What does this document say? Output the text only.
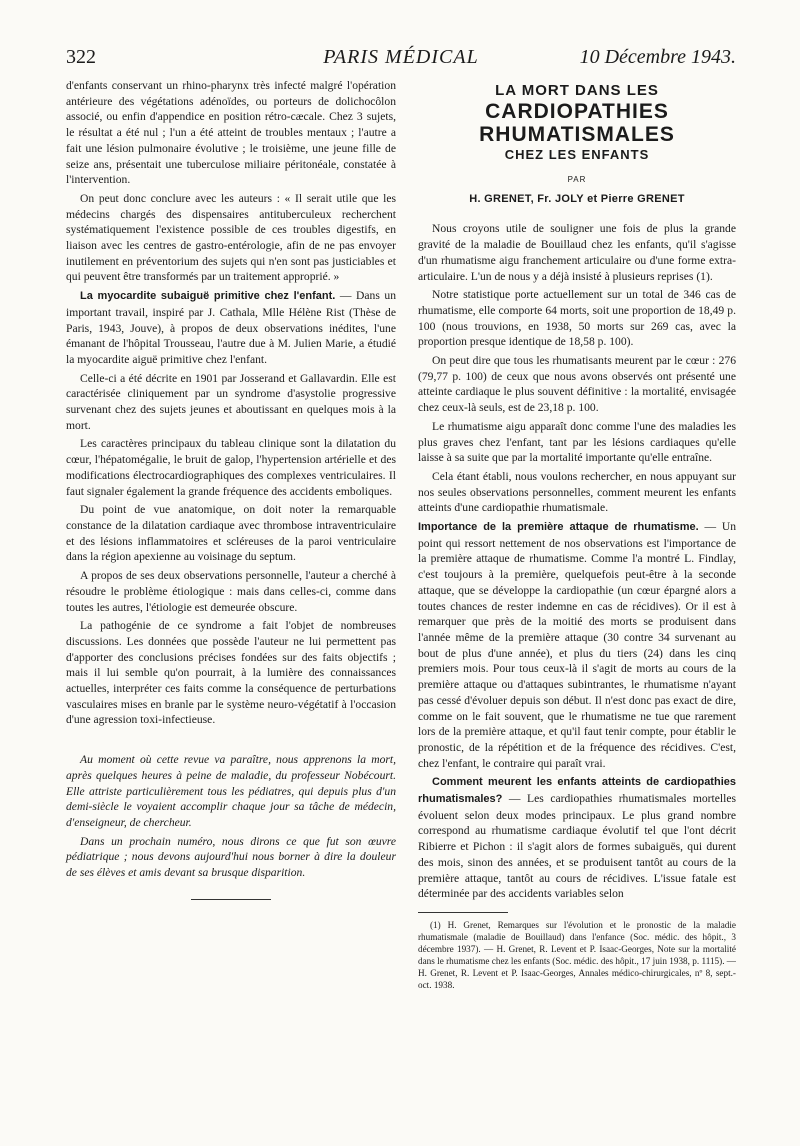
322	PARIS MÉDICAL	10 Décembre 1943.

d'enfants conservant un rhino-pharynx très infecté malgré l'opération antérieure des végétations adénoïdes, ou porteurs de dolichocôlon associé, ou enfin d'appendice en position rétro-cæcale. Chez 3 sujets, le résultat a été nul ; l'un a été atteint de troubles mentaux ; l'autre a fait une lésion pulmonaire évolutive ; le troisième, une jeune fille de seize ans, présentait une tuberculose miliaire péritonéale, constatée à l'intervention.

On peut donc conclure avec les auteurs : « Il serait utile que les médecins chargés des dispensaires antituberculeux recherchent systématiquement l'existence possible de ces troubles digestifs, en liaison avec les centres de gastro-entérologie, afin de ne pas envoyer inutilement en préventorium des sujets qui n'en sont pas justiciables et qui peuvent être transformés par un traitement approprié. »

La myocardite subaiguë primitive chez l'enfant. — Dans un important travail, inspiré par J. Cathala, Mlle Hélène Rist (Thèse de Paris, 1943, Jouve), à propos de deux observations inédites, l'une émanant de l'hôpital Trousseau, l'autre due à M. Julien Marie, a étudié la myocardite aiguë primitive chez l'enfant.

Celle-ci a été décrite en 1901 par Josserand et Gallavardin. Elle est caractérisée cliniquement par un syndrome d'asystolie progressive survenant chez des sujets jeunes et aboutissant en quelques mois à la mort.

Les caractères principaux du tableau clinique sont la dilatation du cœur, l'hépatomégalie, le bruit de galop, l'hypertension artérielle et des modifications électrocardiographiques des complexes ventriculaires. Il faut signaler également la grande fréquence des accidents emboliques.

Du point de vue anatomique, on doit noter la remarquable constance de la dilatation cardiaque avec thrombose intraventriculaire et des lésions inflammatoires et scléreuses de la paroi ventriculaire dans la région apexienne au voisinage du septum.

A propos de ses deux observations personnelle, l'auteur a cherché à résoudre le problème étiologique : mais dans celles-ci, comme dans toutes les autres, l'étiologie est demeurée obscure.

La pathogénie de ce syndrome a fait l'objet de nombreuses discussions. Les données que possède l'auteur ne lui permettent pas d'apporter des conclusions précises fondées sur des faits objectifs ; mais il lui semble qu'on pourrait, à la lumière des connaissances actuelles, interpréter ces faits comme la conséquence de perturbations vasculaires mises en branle par le système neuro-végétatif à l'occasion d'une agression toxi-infectieuse.

Au moment où cette revue va paraître, nous apprenons la mort, après quelques heures à peine de maladie, du professeur Nobécourt. Elle attriste particulièrement tous les pédiatres, qui depuis plus d'un demi-siècle le voyaient accomplir chaque jour sa tâche de médecin, d'enseigneur, de chercheur.

Dans un prochain numéro, nous dirons ce que fut son œuvre pédiatrique ; nous devons aujourd'hui nous borner à dire la douleur de ses élèves et amis devant sa brusque disparition.

LA MORT DANS LES
CARDIOPATHIES
RHUMATISMALES
CHEZ LES ENFANTS
PAR
H. GRENET, Fr. JOLY et Pierre GRENET

Nous croyons utile de souligner une fois de plus la grande gravité de la maladie de Bouillaud chez les enfants, qu'il s'agisse d'un rhumatisme aigu franchement articulaire ou d'une forme extra-articulaire. L'un de nous y a déjà insisté à plusieurs reprises (1).

Notre statistique porte actuellement sur un total de 346 cas de rhumatisme, elle comporte 64 morts, soit une proportion de 18,49 p. 100 (nous trouvions, en 1938, 50 morts sur 269 cas, avec la proportion presque identique de 18,58 p. 100).

On peut dire que tous les rhumatisants meurent par le cœur : 276 (79,77 p. 100) de ceux que nous avons observés ont présenté une atteinte cardiaque le plus souvent définitive : la mortalité, envisagée chez ceux-là seuls, est de 23,18 p. 100.

Le rhumatisme aigu apparaît donc comme l'une des maladies les plus graves chez l'enfant, tant par les lésions cardiaques qu'elle laisse à sa suite que par la mortalité importante qu'elle entraîne.

Cela étant établi, nous voulons rechercher, en nous appuyant sur nos seules observations personnelles, comment meurent les enfants atteints d'une cardiopathie rhumatismale.

Importance de la première attaque de rhumatisme. — Un point qui ressort nettement de nos observations est l'importance de la première attaque de rhumatisme. Comme l'a montré L. Findlay, c'est toujours à la première, quelquefois peut-être à la seconde attaque, que se développe la cardiopathie (un cœur épargné alors a toutes chances de rester indemne en cas de récidives). Or il est à remarquer que près de la moitié des morts se produisent dans l'année même de la première attaque (30 contre 34 survenant au bout de plus d'une année), et plus du tiers (24) dans les cinq premiers mois. Pour tous ceux-là il s'agit de morts au cours de la première attaque ou d'attaques subintrantes, le rhumatisme n'ayant pas cessé d'évoluer depuis son début. Il n'est donc pas exact de dire, comme on le fait souvent, que le rhumatisme ne tue que rarement lors de la première attaque, et qu'il faut tenir compte, pour établir le pronostic, de la répétition et de la fréquence des récidives. C'est, chez l'enfant, le contraire qui paraît vrai.

Comment meurent les enfants atteints de cardiopathies rhumatismales? — Les cardiopathies rhumatismales mortelles évoluent selon deux modes principaux. Le plus grand nombre correspond au rhumatisme cardiaque évolutif tel que l'ont décrit Ribierre et Pichon : il s'agit alors de formes subaiguës, qui durent des mois, sinon des années, et se produisent tantôt au cours de la première attaque, tantôt au cours de récidives. L'issue fatale est déterminée par des accidents variables selon

(1) H. Grenet, Remarques sur l'évolution et le pronostic de la maladie rhumatismale (maladie de Bouillaud) dans l'enfance (Soc. médic. des hôpit., 3 décembre 1937). — H. Grenet, R. Levent et P. Isaac-Georges, Note sur la mortalité dans le rhumatisme chez les enfants (Soc. médic. des hôpit., 17 juin 1938, p. 1115). — H. Grenet, R. Levent et P. Isaac-Georges, Annales médico-chirurgicales, nº 8, sept.-oct. 1938.
